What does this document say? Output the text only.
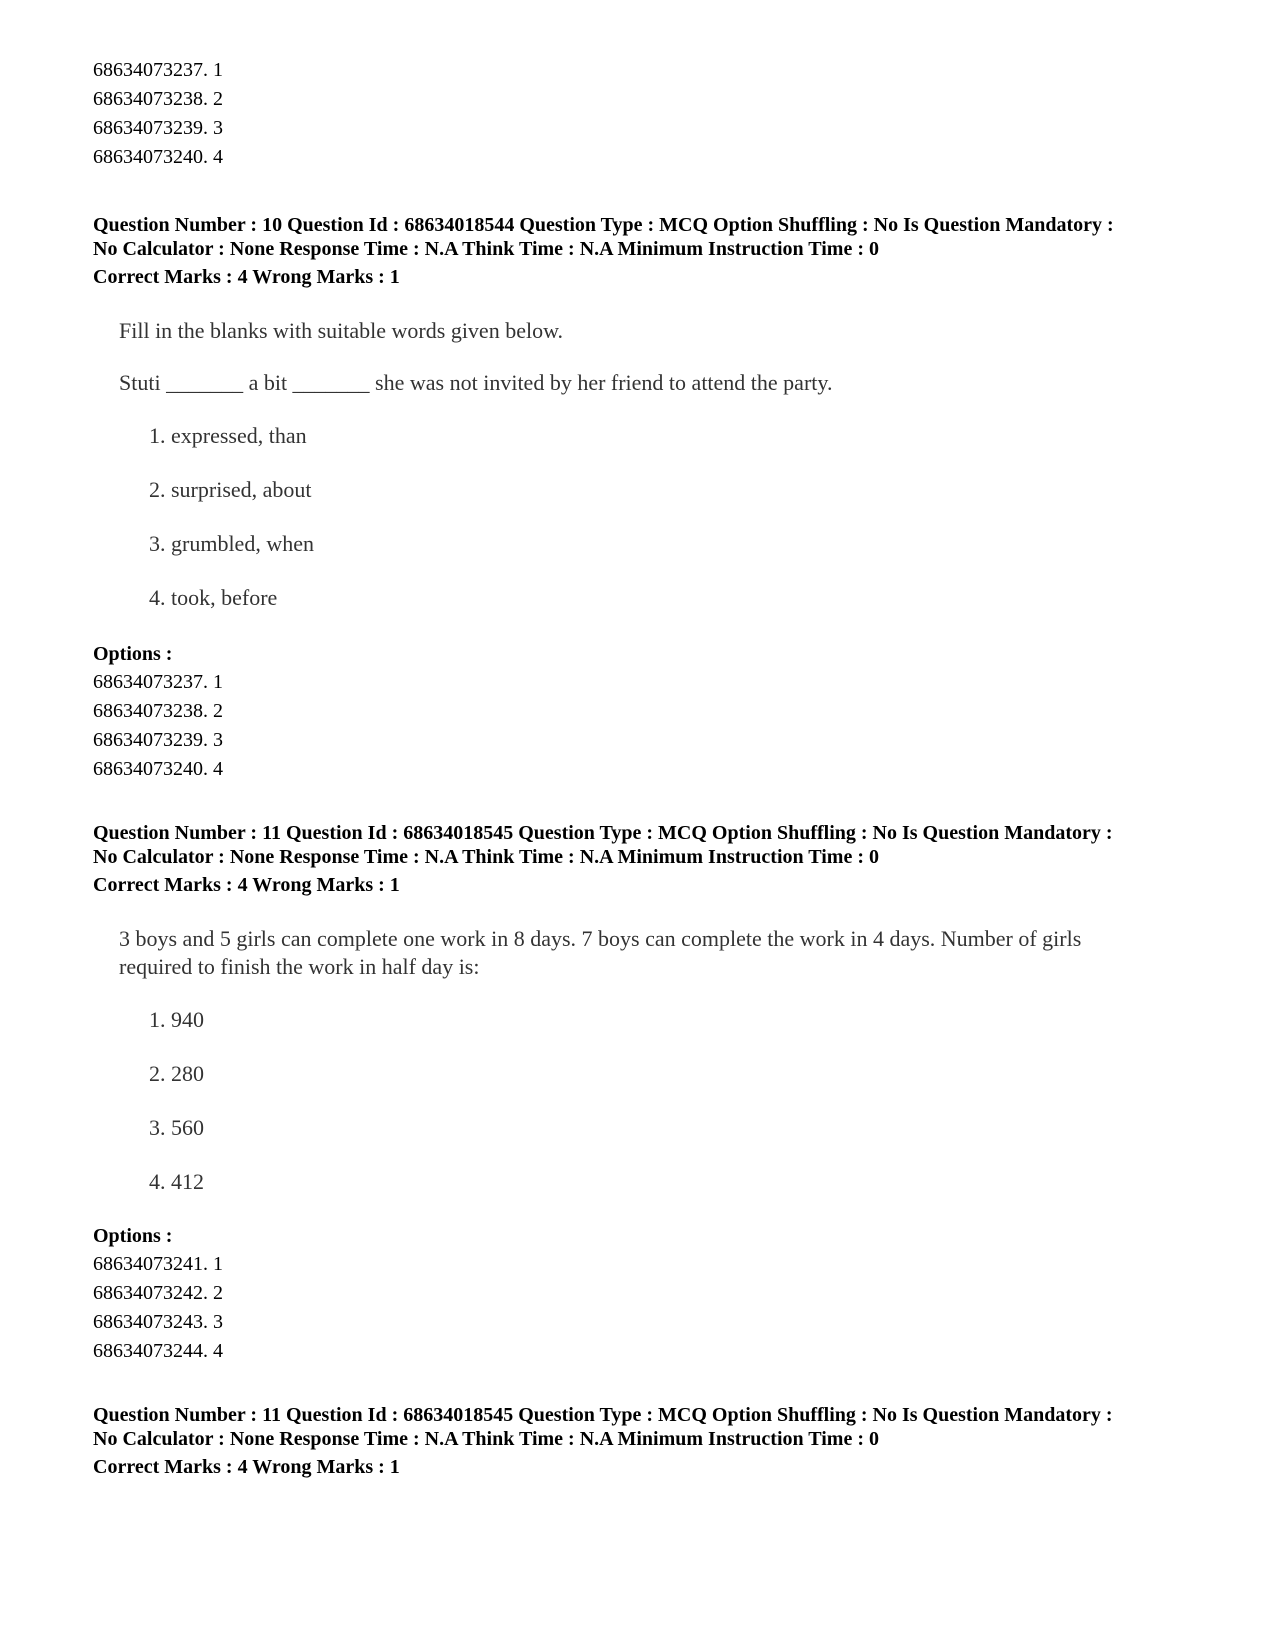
68634073237. 1
68634073238. 2
68634073239. 3
68634073240. 4
Question Number : 10 Question Id : 68634018544 Question Type : MCQ Option Shuffling : No Is Question Mandatory :
No Calculator : None Response Time : N.A Think Time : N.A Minimum Instruction Time : 0
Correct Marks : 4 Wrong Marks : 1
Fill in the blanks with suitable words given below.
Stuti _______ a bit _______ she was not invited by her friend to attend the party.
1. expressed, than
2. surprised, about
3. grumbled, when
4. took, before
Options :
68634073237. 1
68634073238. 2
68634073239. 3
68634073240. 4
Question Number : 11 Question Id : 68634018545 Question Type : MCQ Option Shuffling : No Is Question Mandatory :
No Calculator : None Response Time : N.A Think Time : N.A Minimum Instruction Time : 0
Correct Marks : 4 Wrong Marks : 1
3 boys and 5 girls can complete one work in 8 days. 7 boys can complete the work in 4 days. Number of girls
required to finish the work in half day is:
1. 940
2. 280
3. 560
4. 412
Options :
68634073241. 1
68634073242. 2
68634073243. 3
68634073244. 4
Question Number : 11 Question Id : 68634018545 Question Type : MCQ Option Shuffling : No Is Question Mandatory :
No Calculator : None Response Time : N.A Think Time : N.A Minimum Instruction Time : 0
Correct Marks : 4 Wrong Marks : 1
